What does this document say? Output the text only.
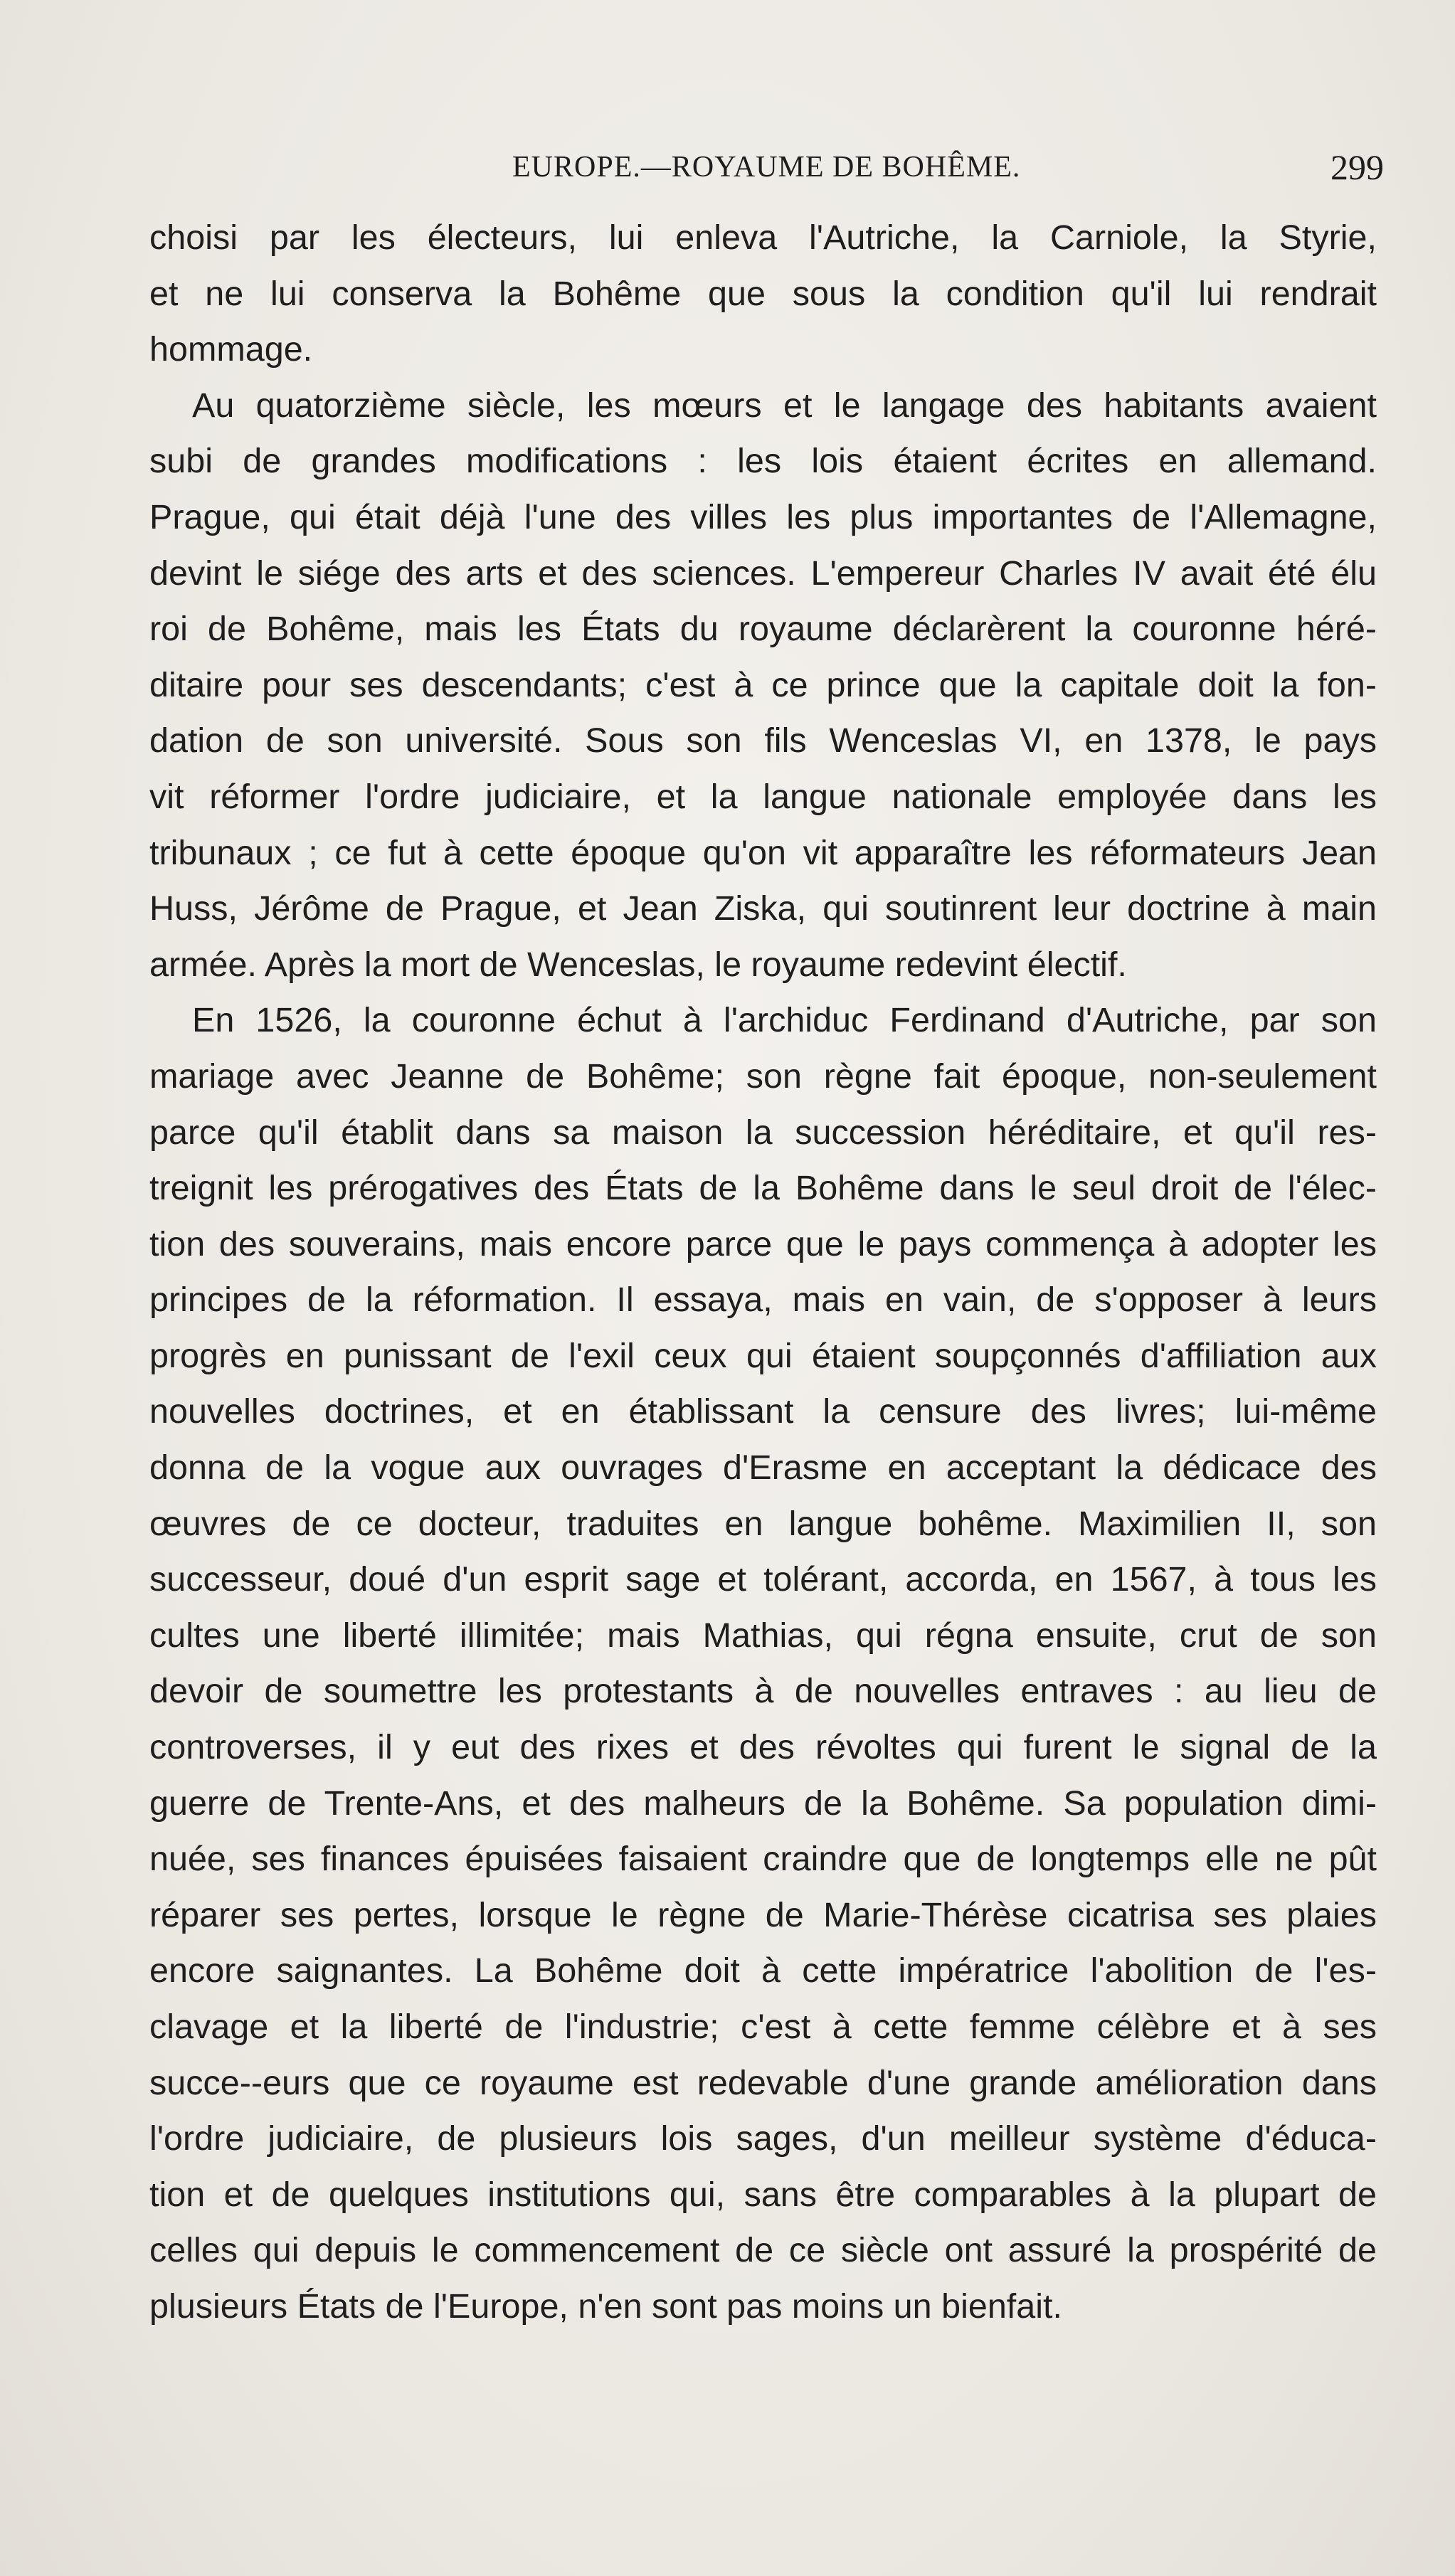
EUROPE.—ROYAUME DE BOHÊME.	299
choisi par les électeurs, lui enleva l'Autriche, la Carniole, la Styrie,
et ne lui conserva la Bohême que sous la condition qu'il lui rendrait
hommage.
Au quatorzième siècle, les mœurs et le langage des habitants avaient
subi de grandes modifications : les lois étaient écrites en allemand.
Prague, qui était déjà l'une des villes les plus importantes de l'Allemagne,
devint le siége des arts et des sciences. L'empereur Charles IV avait été élu
roi de Bohême, mais les États du royaume déclarèrent la couronne héré-
ditaire pour ses descendants; c'est à ce prince que la capitale doit la fon-
dation de son université. Sous son fils Wenceslas VI, en 1378, le pays
vit réformer l'ordre judiciaire, et la langue nationale employée dans les
tribunaux ; ce fut à cette époque qu'on vit apparaître les réformateurs Jean
Huss, Jérôme de Prague, et Jean Ziska, qui soutinrent leur doctrine à main
armée. Après la mort de Wenceslas, le royaume redevint électif.
En 1526, la couronne échut à l'archiduc Ferdinand d'Autriche, par son
mariage avec Jeanne de Bohême; son règne fait époque, non-seulement
parce qu'il établit dans sa maison la succession héréditaire, et qu'il res-
treignit les prérogatives des États de la Bohême dans le seul droit de l'élec-
tion des souverains, mais encore parce que le pays commença à adopter les
principes de la réformation. Il essaya, mais en vain, de s'opposer à leurs
progrès en punissant de l'exil ceux qui étaient soupçonnés d'affiliation aux
nouvelles doctrines, et en établissant la censure des livres; lui-même
donna de la vogue aux ouvrages d'Erasme en acceptant la dédicace des
œuvres de ce docteur, traduites en langue bohême. Maximilien II, son
successeur, doué d'un esprit sage et tolérant, accorda, en 1567, à tous les
cultes une liberté illimitée; mais Mathias, qui régna ensuite, crut de son
devoir de soumettre les protestants à de nouvelles entraves : au lieu de
controverses, il y eut des rixes et des révoltes qui furent le signal de la
guerre de Trente-Ans, et des malheurs de la Bohême. Sa population dimi-
nuée, ses finances épuisées faisaient craindre que de longtemps elle ne pût
réparer ses pertes, lorsque le règne de Marie-Thérèse cicatrisa ses plaies
encore saignantes. La Bohême doit à cette impératrice l'abolition de l'es-
clavage et la liberté de l'industrie; c'est à cette femme célèbre et à ses
succe--eurs que ce royaume est redevable d'une grande amélioration dans
l'ordre judiciaire, de plusieurs lois sages, d'un meilleur système d'éduca-
tion et de quelques institutions qui, sans être comparables à la plupart de
celles qui depuis le commencement de ce siècle ont assuré la prospérité de
plusieurs États de l'Europe, n'en sont pas moins un bienfait.
